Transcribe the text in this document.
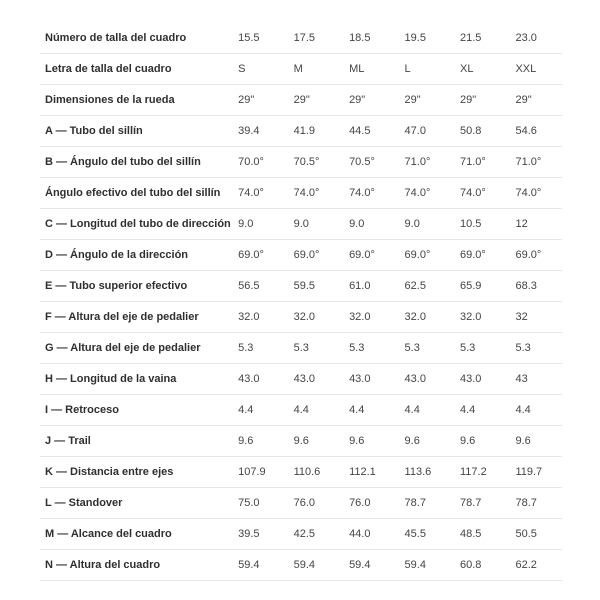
Número de talla del cuadro	15.5	17.5	18.5	19.5	21.5	23.0
Letra de talla del cuadro	S	M	ML	L	XL	XXL
Dimensiones de la rueda	29"	29"	29"	29"	29"	29"
A — Tubo del sillín	39.4	41.9	44.5	47.0	50.8	54.6
B — Ángulo del tubo del sillín	70.0°	70.5°	70.5°	71.0°	71.0°	71.0°
Ángulo efectivo del tubo del sillín	74.0°	74.0°	74.0°	74.0°	74.0°	74.0°
C — Longitud del tubo de dirección 9.0	9.0	9.0	9.0	10.5	12
D — Ángulo de la dirección	69.0°	69.0°	69.0°	69.0°	69.0°	69.0°
E — Tubo superior efectivo	56.5	59.5	61.0	62.5	65.9	68.3
F — Altura del eje de pedalier	32.0	32.0	32.0	32.0	32.0	32
G — Altura del eje de pedalier	5.3	5.3	5.3	5.3	5.3	5.3
H — Longitud de la vaina	43.0	43.0	43.0	43.0	43.0	43
I — Retroceso	4.4	4.4	4.4	4.4	4.4	4.4
J — Trail	9.6	9.6	9.6	9.6	9.6	9.6
K — Distancia entre ejes	107.9	110.6	112.1	113.6	117.2	119.7
L — Standover	75.0	76.0	76.0	78.7	78.7	78.7
M — Alcance del cuadro	39.5	42.5	44.0	45.5	48.5	50.5
N — Altura del cuadro	59.4	59.4	59.4	59.4	60.8	62.2
